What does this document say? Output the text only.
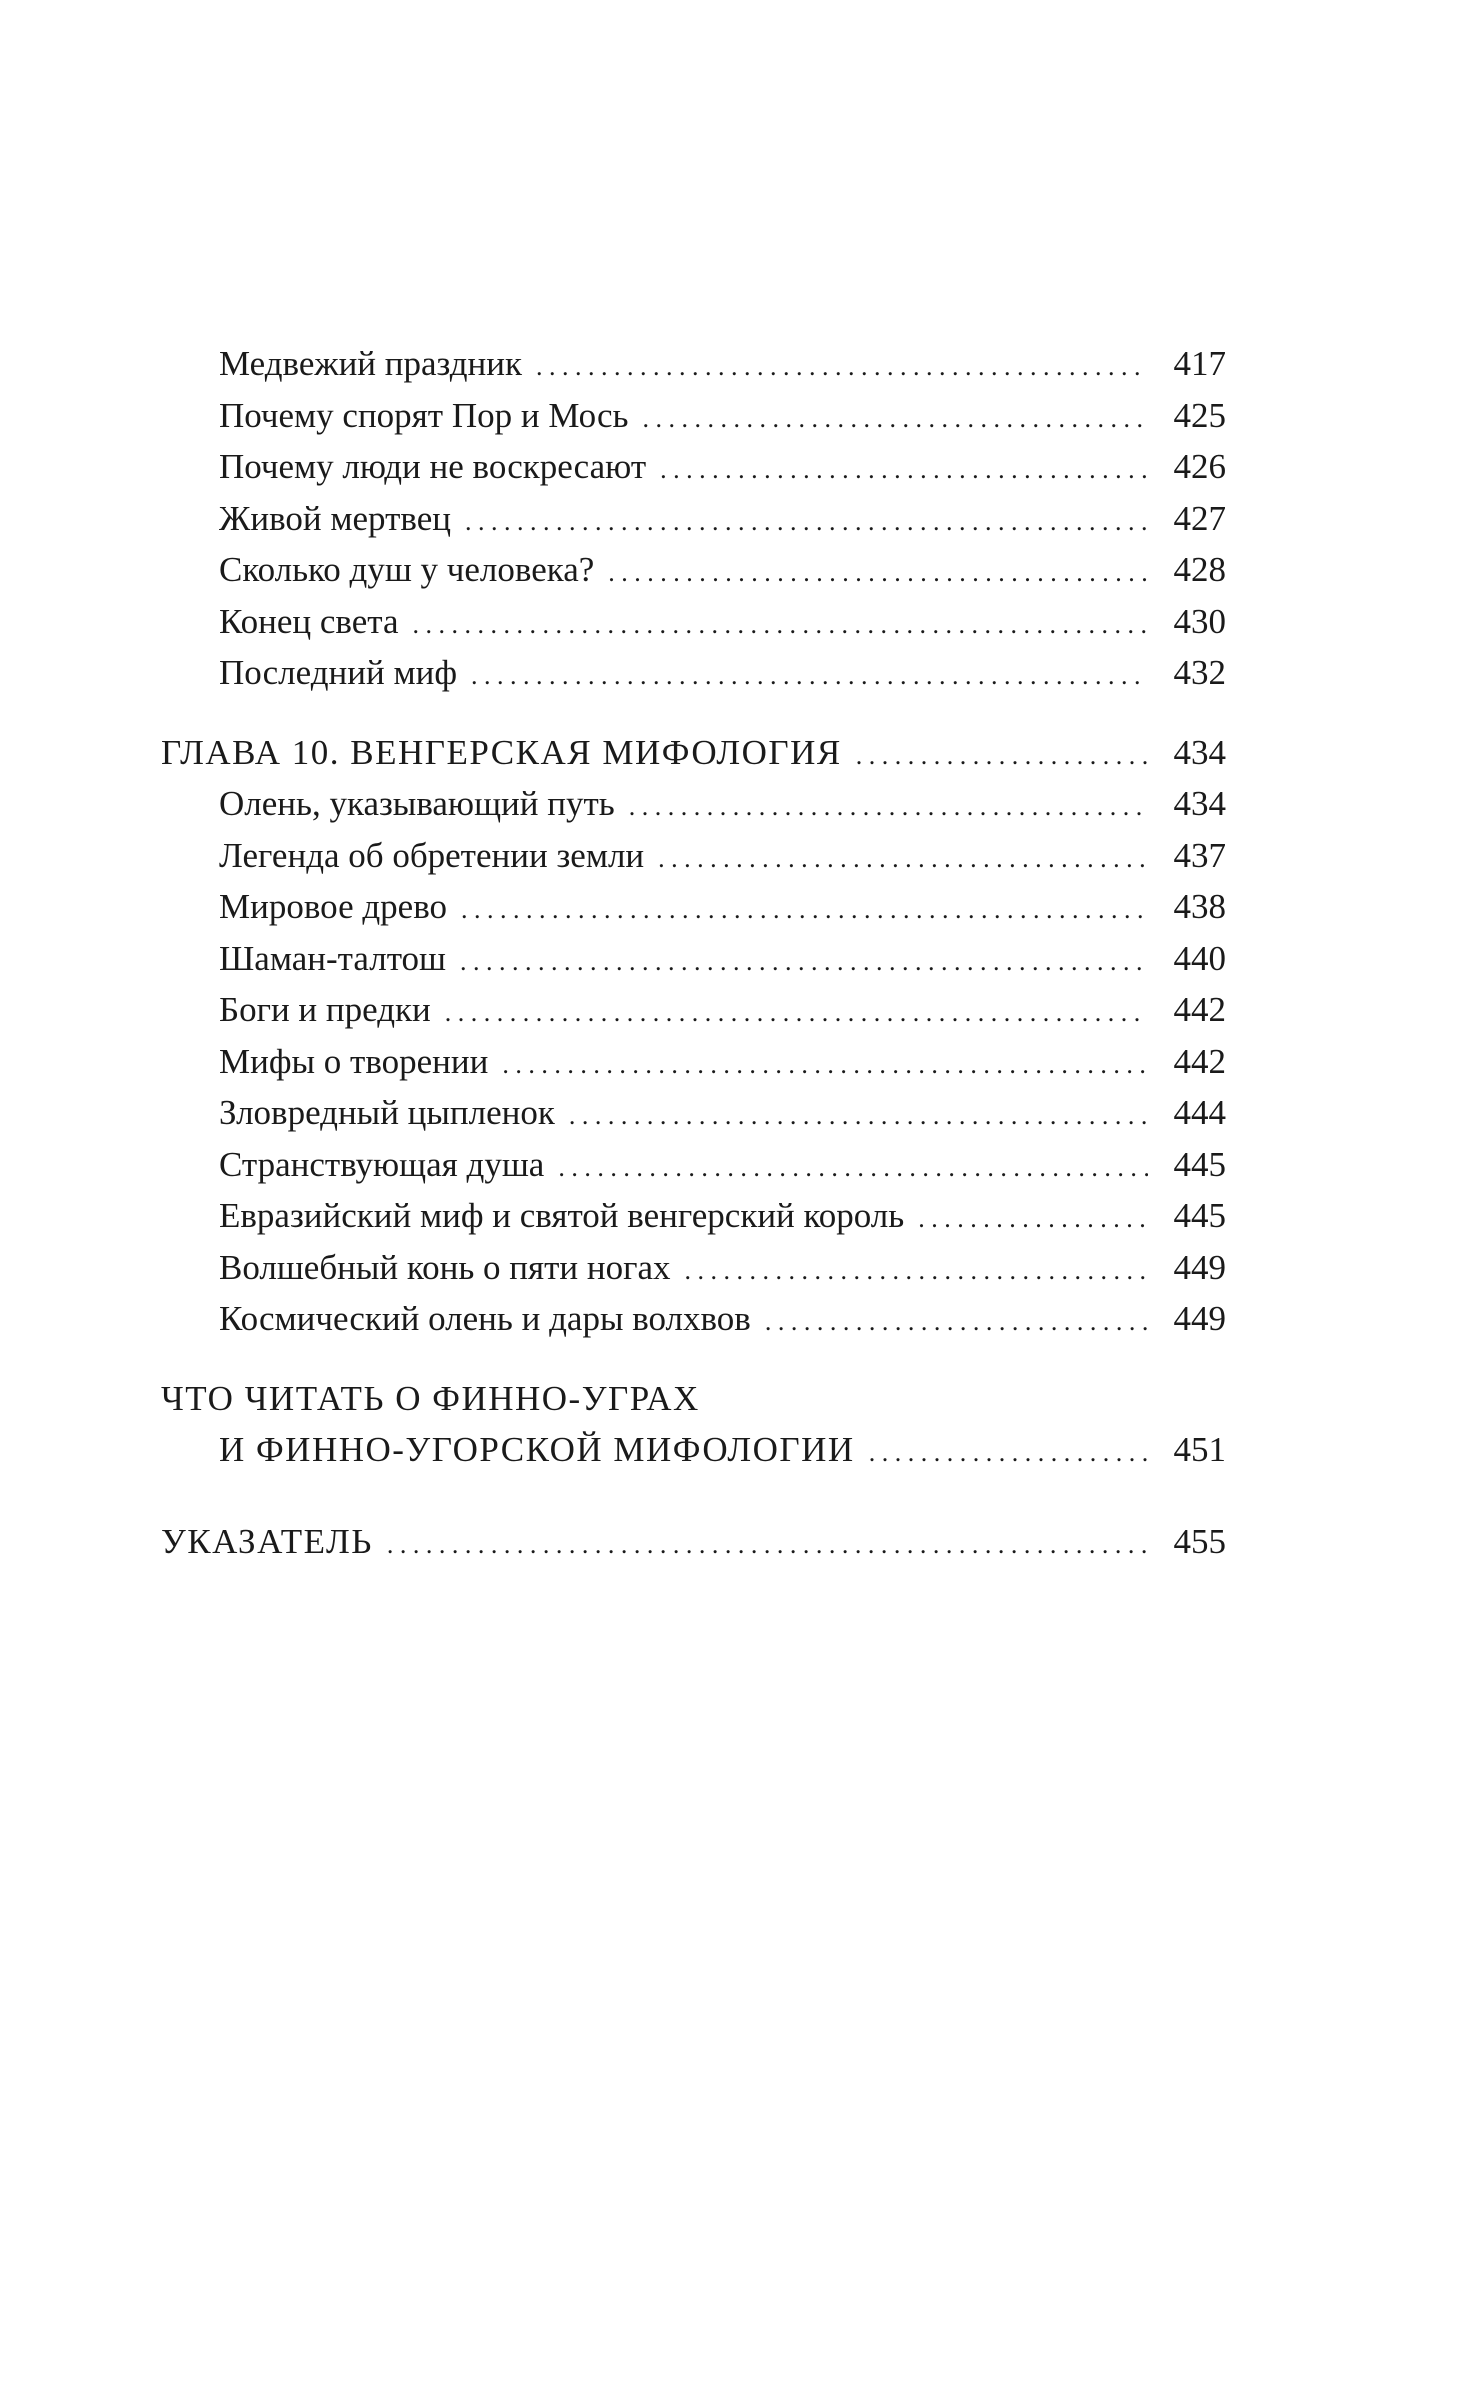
Медвежий праздник . . .	417
Почему спорят Пор и Мось . . .	425
Почему люди не воскресают . . .	426
Живой мертвец . . .	427
Сколько душ у человека? . . .	428
Конец света . . .	430
Последний миф . . .	432
ГЛАВА 10. ВЕНГЕРСКАЯ МИФОЛОГИЯ . . .	434
Олень, указывающий путь . . .	434
Легенда об обретении земли . . .	437
Мировое древо . . .	438
Шаман-талтош . . .	440
Боги и предки . . .	442
Мифы о творении . . .	442
Зловредный цыпленок . . .	444
Странствующая душа . . .	445
Евразийский миф и святой венгерский король . . .	445
Волшебный конь о пяти ногах . . .	449
Космический олень и дары волхвов . . .	449
ЧТО ЧИТАТЬ О ФИННО-УГРАХ
И ФИННО-УГОРСКОЙ МИФОЛОГИИ . . .	451
УКАЗАТЕЛЬ . . .	455
